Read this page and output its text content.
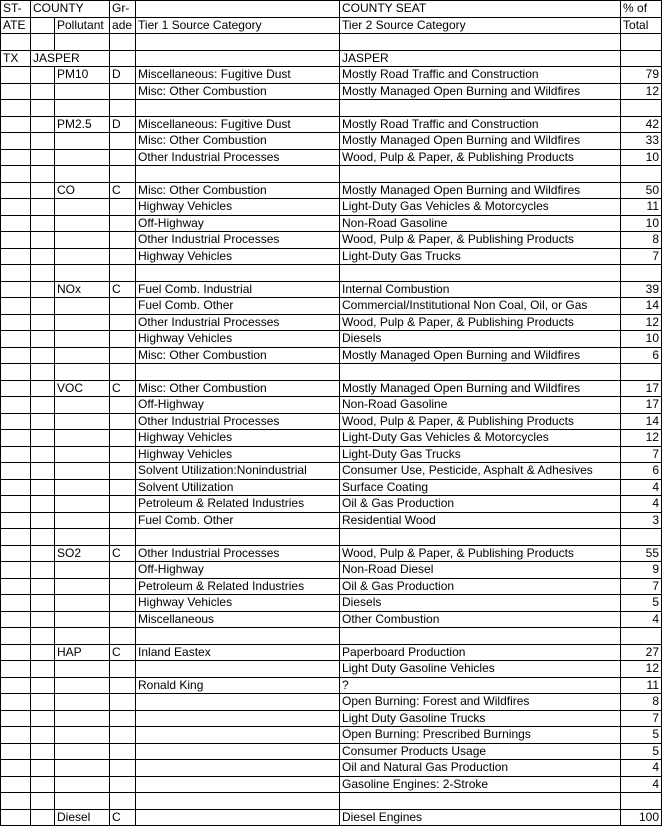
ST-	COUNTY		Gr-		COUNTY SEAT	% of
ATE		Pollutant	ade	Tier 1 Source Category	Tier 2 Source Category	Total

TX	JASPER				JASPER	
		PM10	D	Miscellaneous: Fugitive Dust	Mostly Road Traffic and Construction	79
				Misc: Other Combustion	Mostly Managed Open Burning and Wildfires	12

		PM2.5	D	Miscellaneous: Fugitive Dust	Mostly Road Traffic and Construction	42
				Misc: Other Combustion	Mostly Managed Open Burning and Wildfires	33
				Other Industrial Processes	Wood, Pulp & Paper, & Publishing Products	10

		CO	C	Misc: Other Combustion	Mostly Managed Open Burning and Wildfires	50
				Highway Vehicles	Light-Duty Gas Vehicles & Motorcycles	11
				Off-Highway	Non-Road Gasoline	10
				Other Industrial Processes	Wood, Pulp & Paper, & Publishing Products	8
				Highway Vehicles	Light-Duty Gas Trucks	7

		NOx	C	Fuel Comb. Industrial	Internal Combustion	39
				Fuel Comb. Other	Commercial/Institutional Non Coal, Oil, or Gas	14
				Other Industrial Processes	Wood, Pulp & Paper, & Publishing Products	12
				Highway Vehicles	Diesels	10
				Misc: Other Combustion	Mostly Managed Open Burning and Wildfires	6

		VOC	C	Misc: Other Combustion	Mostly Managed Open Burning and Wildfires	17
				Off-Highway	Non-Road Gasoline	17
				Other Industrial Processes	Wood, Pulp & Paper, & Publishing Products	14
				Highway Vehicles	Light-Duty Gas Vehicles & Motorcycles	12
				Highway Vehicles	Light-Duty Gas Trucks	7
				Solvent Utilization:Nonindustrial	Consumer Use, Pesticide, Asphalt & Adhesives	6
				Solvent Utilization	Surface Coating	4
				Petroleum & Related Industries	Oil & Gas Production	4
				Fuel Comb. Other	Residential Wood	3

		SO2	C	Other Industrial Processes	Wood, Pulp & Paper, & Publishing Products	55
				Off-Highway	Non-Road Diesel	9
				Petroleum & Related Industries	Oil & Gas Production	7
				Highway Vehicles	Diesels	5
				Miscellaneous	Other Combustion	4

		HAP	C	Inland Eastex	Paperboard Production	27
					Light Duty Gasoline Vehicles	12
				Ronald King	?	11
					Open Burning: Forest and Wildfires	8
					Light Duty Gasoline Trucks	7
					Open Burning: Prescribed Burnings	5
					Consumer Products Usage	5
					Oil and Natural Gas Production	4
					Gasoline Engines: 2-Stroke	4

		Diesel	C		Diesel Engines	100
